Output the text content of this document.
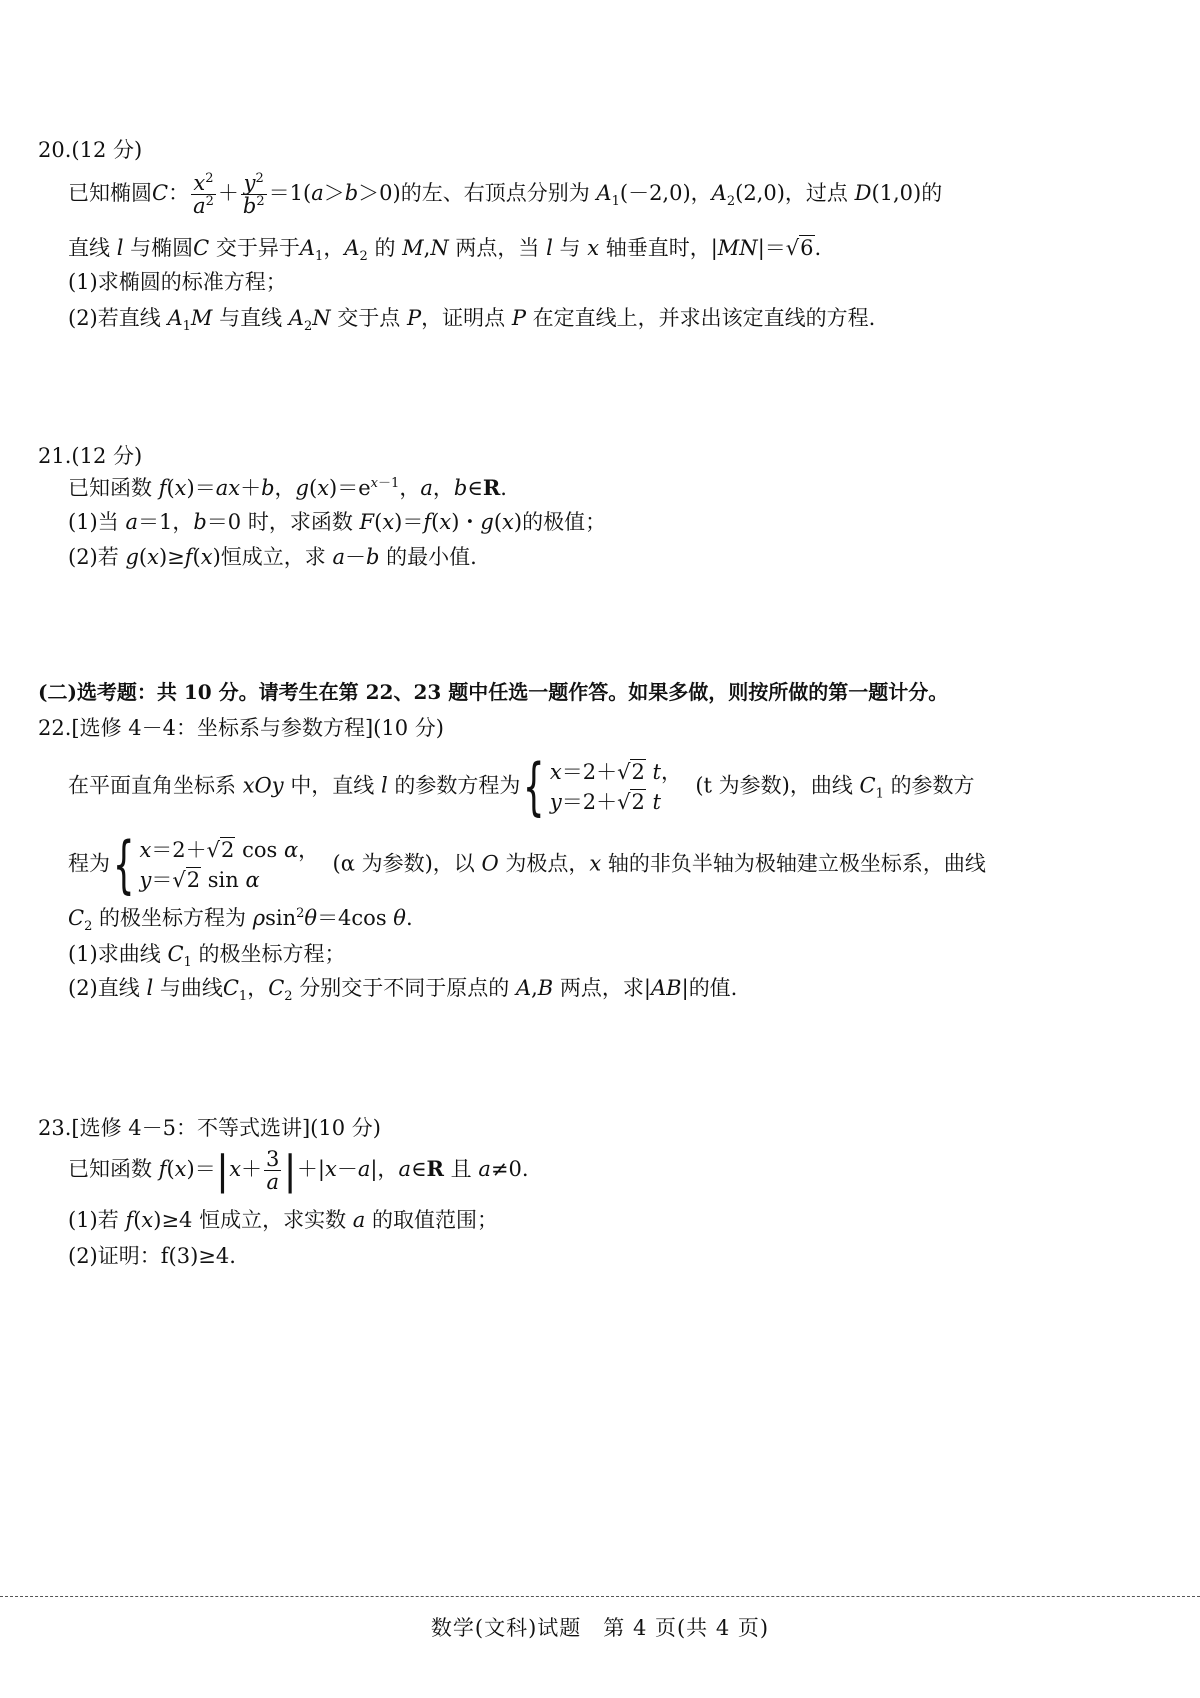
20.(12 分)
已知椭圆C： $\frac{x^2}{a^2} + \frac{y^2}{b^2} =1(a>b>0)$的左、右顶点分别为 $A_1(-2,0)$，$A_2(2,0)$，过点 D(1,0)的
直线 l 与椭圆C 交于异于$A_1$，$A_2$ 的 M,N 两点，当 l 与 x 轴垂直时，|MN|＝√6.
(1)求椭圆的标准方程；
(2)若直线 $A_1M$ 与直线 $A_2N$ 交于点 P，证明点 P 在定直线上，并求出该定直线的方程.
21.(12 分)
已知函数 f(x)＝ax＋b，$g(x)=e^{x-1}$，a，b∈R.
(1)当 a＝1，b＝0 时，求函数 F(x)＝f(x)・g(x)的极值；
(2)若 g(x)≥f(x)恒成立，求 a－b 的最小值.
(二)选考题：共 10 分。请考生在第 22、23 题中任选一题作答。如果多做，则按所做的第一题计分。
22.[选修 4－4：坐标系与参数方程](10 分)
在平面直角坐标系 xOy 中，直线 l 的参数方程为{ x＝2＋√2 t，
y＝2＋√2 t
(t 为参数)，曲线 $C_1$ 的参数方
程为{ x＝2＋√2 cos α，
y＝√2 sin α
(α 为参数)，以 O 为极点，x 轴的非负半轴为极轴建立极坐标系，曲线
$C_2$ 的极坐标方程为 ρsin$^2$θ＝4cos θ.
(1)求曲线 $C_1$ 的极坐标方程；
(2)直线 l 与曲线$C_1$，$C_2$ 分别交于不同于原点的 A,B 两点，求|AB|的值.
23.[选修 4－5：不等式选讲](10 分)
已知函数 $f(x)=|x+ \frac{3}{a} |+|x-a|$，a∈R 且 a≠0.
(1)若 f(x)≥4 恒成立，求实数 a 的取值范围；
(2)证明：f(3)≥4.
数学(文科)试题　第 4 页(共 4 页)
